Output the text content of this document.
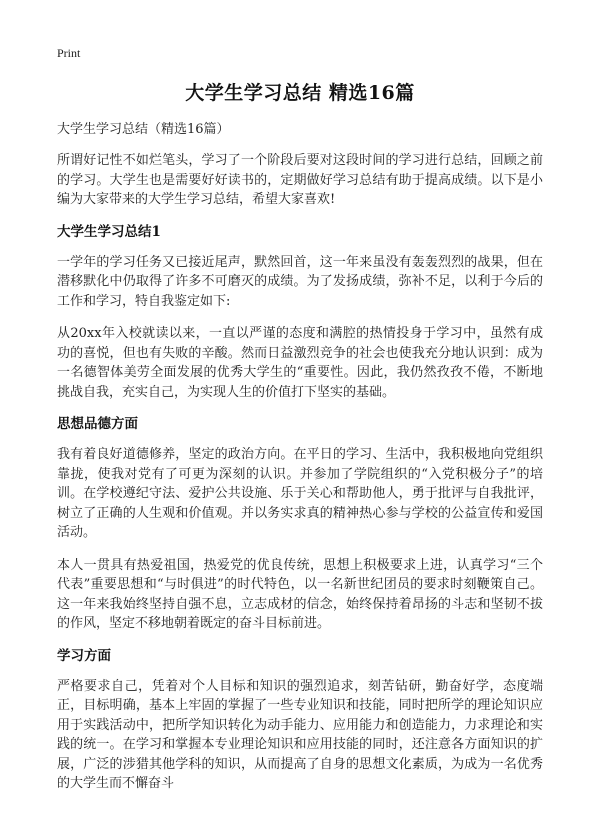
Print
大学生学习总结 精选16篇
大学生学习总结（精选16篇）

所谓好记性不如烂笔头，学习了一个阶段后要对这段时间的学习进行总结，回顾之前的学习。大学生也是需要好好读书的，定期做好学习总结有助于提高成绩。以下是小编为大家带来的大学生学习总结，希望大家喜欢!

大学生学习总结1

一学年的学习任务又已接近尾声，默然回首，这一年来虽没有轰轰烈烈的战果，但在潜移默化中仍取得了许多不可磨灭的成绩。为了发扬成绩，弥补不足，以利于今后的工作和学习，特自我鉴定如下:

从20xx年入校就读以来，一直以严谨的态度和满腔的热情投身于学习中，虽然有成功的喜悦，但也有失败的辛酸。然而日益激烈竞争的社会也使我充分地认识到：成为一名德智体美劳全面发展的优秀大学生的“重要性。因此，我仍然孜孜不倦，不断地挑战自我，充实自己，为实现人生的价值打下坚实的基础。

思想品德方面

我有着良好道德修养，坚定的政治方向。在平日的学习、生活中，我积极地向党组织靠拢，使我对党有了可更为深刻的认识。并参加了学院组织的“入党积极分子”的培训。在学校遵纪守法、爱护公共设施、乐于关心和帮助他人，勇于批评与自我批评，树立了正确的人生观和价值观。并以务实求真的精神热心参与学校的公益宣传和爱国活动。

本人一贯具有热爱祖国，热爱党的优良传统，思想上积极要求上进，认真学习“三个代表”重要思想和“与时俱进”的时代特色，以一名新世纪团员的要求时刻鞭策自己。这一年来我始终坚持自强不息，立志成材的信念，始终保持着昂扬的斗志和坚韧不拔的作风，坚定不移地朝着既定的奋斗目标前进。

学习方面

严格要求自己，凭着对个人目标和知识的强烈追求，刻苦钻研，勤奋好学，态度端正，目标明确，基本上牢固的掌握了一些专业知识和技能，同时把所学的理论知识应用于实践活动中，把所学知识转化为动手能力、应用能力和创造能力，力求理论和实践的统一。在学习和掌握本专业理论知识和应用技能的同时，还注意各方面知识的扩展，广泛的涉猎其他学科的知识，从而提高了自身的思想文化素质，为成为一名优秀的大学生而不懈奋斗
